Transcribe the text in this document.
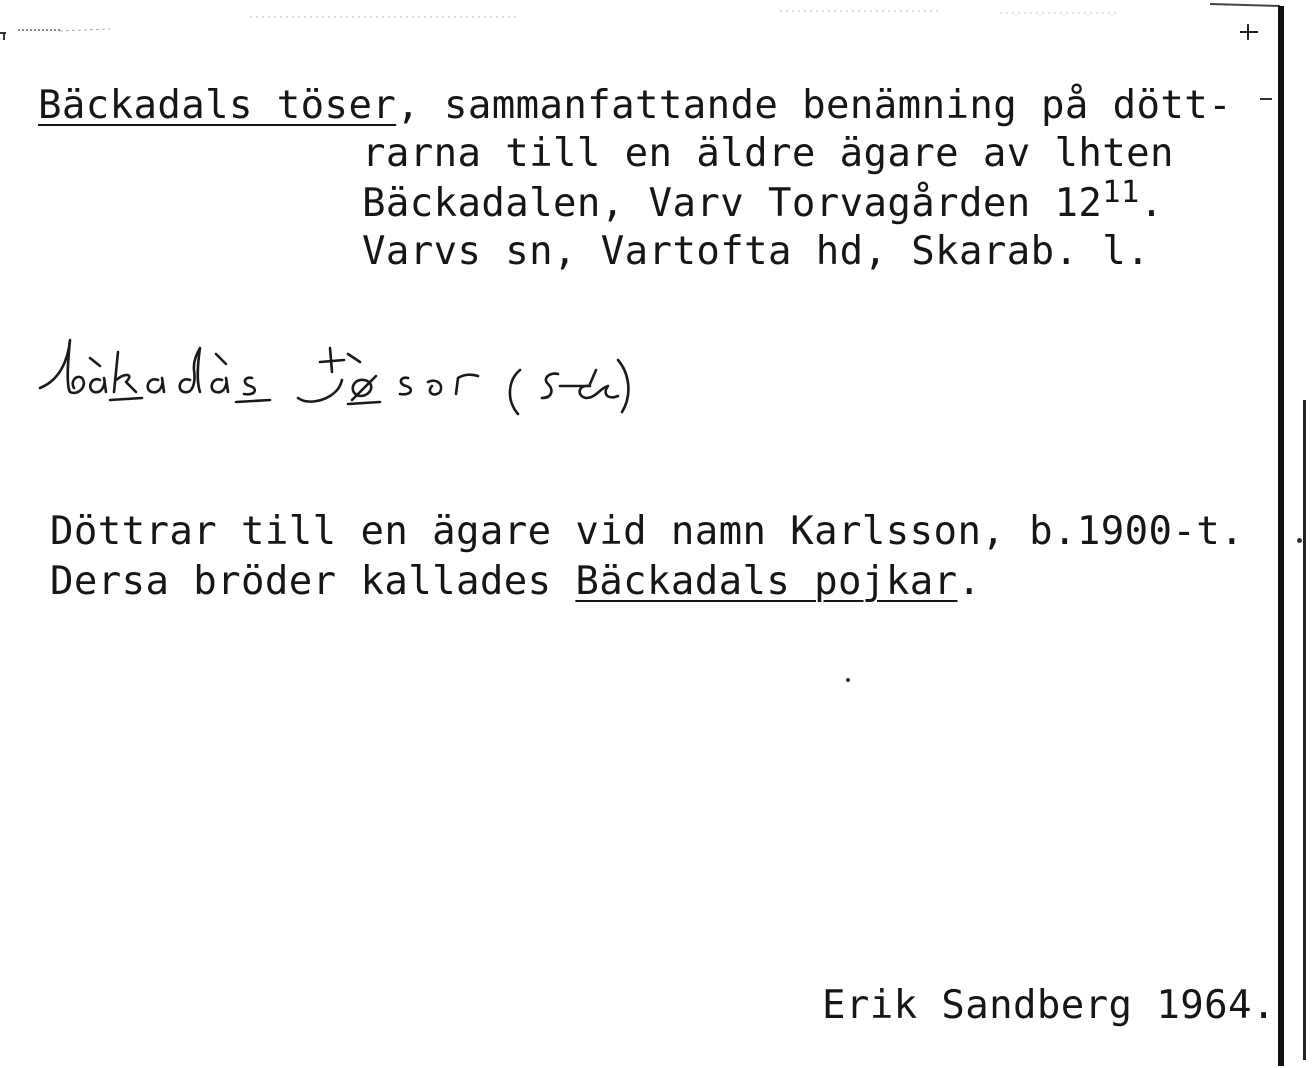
Bäckadals töser, sammanfattande benämning på dött-
rarna till en äldre ägare av lhten
Bäckadalen, Varv Torvagården $12^{11}$.
Varvs sn, Vartofta hd, Skarab. l.
Döttrar till en ägare vid namn Karlsson, b.1900-t.
Dersa bröder kallades Bäckadals pojkar.
Erik Sandberg 1964.
